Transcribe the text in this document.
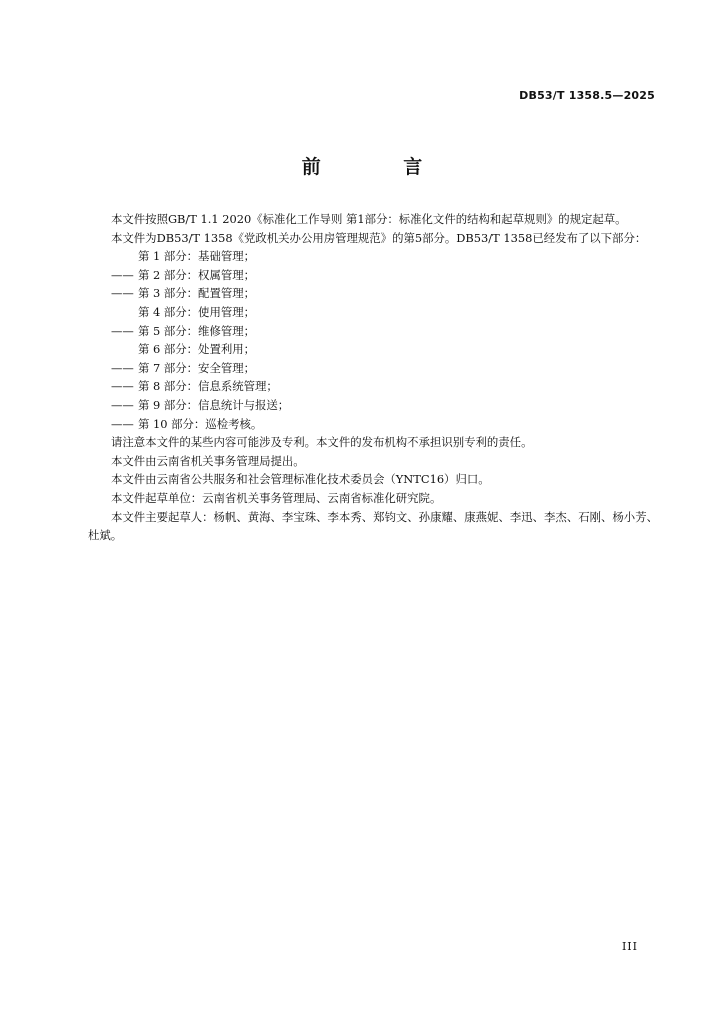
DB53/T 1358.5—2025
前 言

本文件按照GB/T 1.1 2020《标准化工作导则 第1部分：标准化文件的结构和起草规则》的规定起草。

本文件为DB53/T 1358《党政机关办公用房管理规范》的第5部分。DB53/T 1358已经发布了以下部分：

第 1 部分：基础管理；
—— 第 2 部分：权属管理；
—— 第 3 部分：配置管理；
第 4 部分：使用管理；
—— 第 5 部分：维修管理；
第 6 部分：处置利用；
—— 第 7 部分：安全管理；
—— 第 8 部分：信息系统管理；
—— 第 9 部分：信息统计与报送；
—— 第 10 部分：巡检考核。

请注意本文件的某些内容可能涉及专利。本文件的发布机构不承担识别专利的责任。

本文件由云南省机关事务管理局提出。

本文件由云南省公共服务和社会管理标准化技术委员会（YNTC16）归口。

本文件起草单位：云南省机关事务管理局、云南省标准化研究院。

本文件主要起草人：杨帆、黄海、李宝珠、李本秀、郑钧文、孙康耀、康燕妮、李迅、李杰、石刚、杨小芳、杜斌。

III
